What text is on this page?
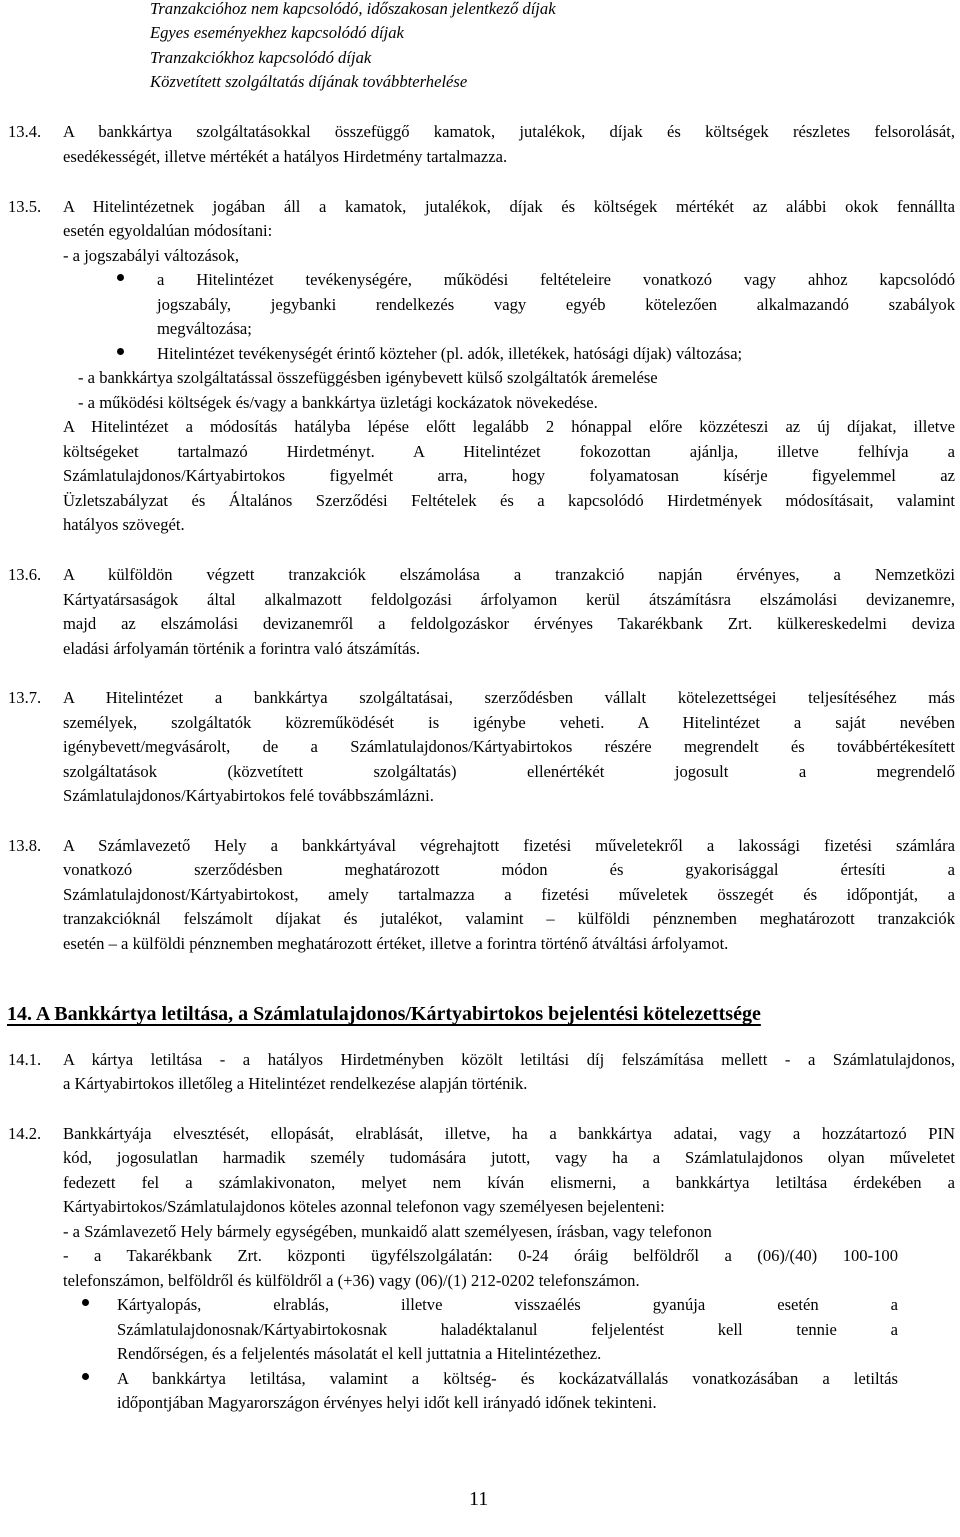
Tranzakcióhoz nem kapcsolódó, időszakosan jelentkező díjak
Egyes eseményekhez kapcsolódó díjak
Tranzakciókhoz kapcsolódó díjak
Közvetített szolgáltatás díjának továbbterhelése
13.4. A bankkártya szolgáltatásokkal összefüggő kamatok, jutalékok, díjak és költségek részletes felsorolását,
esedékességét, illetve mértékét a hatályos Hirdetmény tartalmazza.
13.5. A Hitelintézetnek jogában áll a kamatok, jutalékok, díjak és költségek mértékét az alábbi okok fennállta
esetén egyoldalúan módosítani:
- a jogszabályi változások,
a Hitelintézet tevékenységére, működési feltételeire vonatkozó vagy ahhoz kapcsolódó
jogszabály, jegybanki rendelkezés vagy egyéb kötelezően alkalmazandó szabályok
megváltozása;
Hitelintézet tevékenységét érintő közteher (pl. adók, illetékek, hatósági díjak) változása;
- a bankkártya szolgáltatással összefüggésben igénybevett külső szolgáltatók áremelése
- a működési költségek és/vagy a bankkártya üzletági kockázatok növekedése.
A Hitelintézet a módosítás hatályba lépése előtt legalább 2 hónappal előre közzéteszi az új díjakat, illetve
költségeket tartalmazó Hirdetményt. A Hitelintézet fokozottan ajánlja, illetve felhívja a
Számlatulajdonos/Kártyabirtokos figyelmét arra, hogy folyamatosan kísérje figyelemmel az
Üzletszabályzat és Általános Szerződési Feltételek és a kapcsolódó Hirdetmények módosításait, valamint
hatályos szövegét.
13.6. A külföldön végzett tranzakciók elszámolása a tranzakció napján érvényes, a Nemzetközi
Kártyatársaságok által alkalmazott feldolgozási árfolyamon kerül átszámításra elszámolási devizanemre,
majd az elszámolási devizanemről a feldolgozáskor érvényes Takarékbank Zrt. külkereskedelmi deviza
eladási árfolyamán történik a forintra való átszámítás.
13.7. A Hitelintézet a bankkártya szolgáltatásai, szerződésben vállalt kötelezettségei teljesítéséhez más
személyek, szolgáltatók közreműködését is igénybe veheti. A Hitelintézet a saját nevében
igénybevett/megvásárolt, de a Számlatulajdonos/Kártyabirtokos részére megrendelt és továbbértékesített
szolgáltatások (közvetített szolgáltatás) ellenértékét jogosult a megrendelő
Számlatulajdonos/Kártyabirtokos felé továbbszámlázni.
13.8. A Számlavezető Hely a bankkártyával végrehajtott fizetési műveletekről a lakossági fizetési számlára
vonatkozó szerződésben meghatározott módon és gyakorisággal értesíti a
Számlatulajdonost/Kártyabirtokost, amely tartalmazza a fizetési műveletek összegét és időpontját, a
tranzakcióknál felszámolt díjakat és jutalékot, valamint – külföldi pénznemben meghatározott tranzakciók
esetén – a külföldi pénznemben meghatározott értéket, illetve a forintra történő átváltási árfolyamot.
14. A Bankkártya letiltása, a Számlatulajdonos/Kártyabirtokos bejelentési kötelezettsége
14.1. A kártya letiltása - a hatályos Hirdetményben közölt letiltási díj felszámítása mellett - a Számlatulajdonos,
a Kártyabirtokos illetőleg a Hitelintézet rendelkezése alapján történik.
14.2. Bankkártyája elvesztését, ellopását, elrablását, illetve, ha a bankkártya adatai, vagy a hozzátartozó PIN
kód, jogosulatlan harmadik személy tudomására jutott, vagy ha a Számlatulajdonos olyan műveletet
fedezett fel a számlakivonaton, melyet nem kíván elismerni, a bankkártya letiltása érdekében a
Kártyabirtokos/Számlatulajdonos köteles azonnal telefonon vagy személyesen bejelenteni:
- a Számlavezető Hely bármely egységében, munkaidő alatt személyesen, írásban, vagy telefonon
- a Takarékbank Zrt. központi ügyfélszolgálatán: 0-24 óráig belföldről a (06)/(40) 100-100
telefonszámon, belföldről és külföldről a (+36) vagy (06)/(1) 212-0202 telefonszámon.
Kártyalopás, elrablás, illetve visszaélés gyanúja esetén a
Számlatulajdonosnak/Kártyabirtokosnak haladéktalanul feljelentést kell tennie a
Rendőrségen, és a feljelentés másolatát el kell juttatnia a Hitelintézethez.
A bankkártya letiltása, valamint a költség- és kockázatvállalás vonatkozásában a letiltás
időpontjában Magyarországon érvényes helyi időt kell irányadó időnek tekinteni.
11
